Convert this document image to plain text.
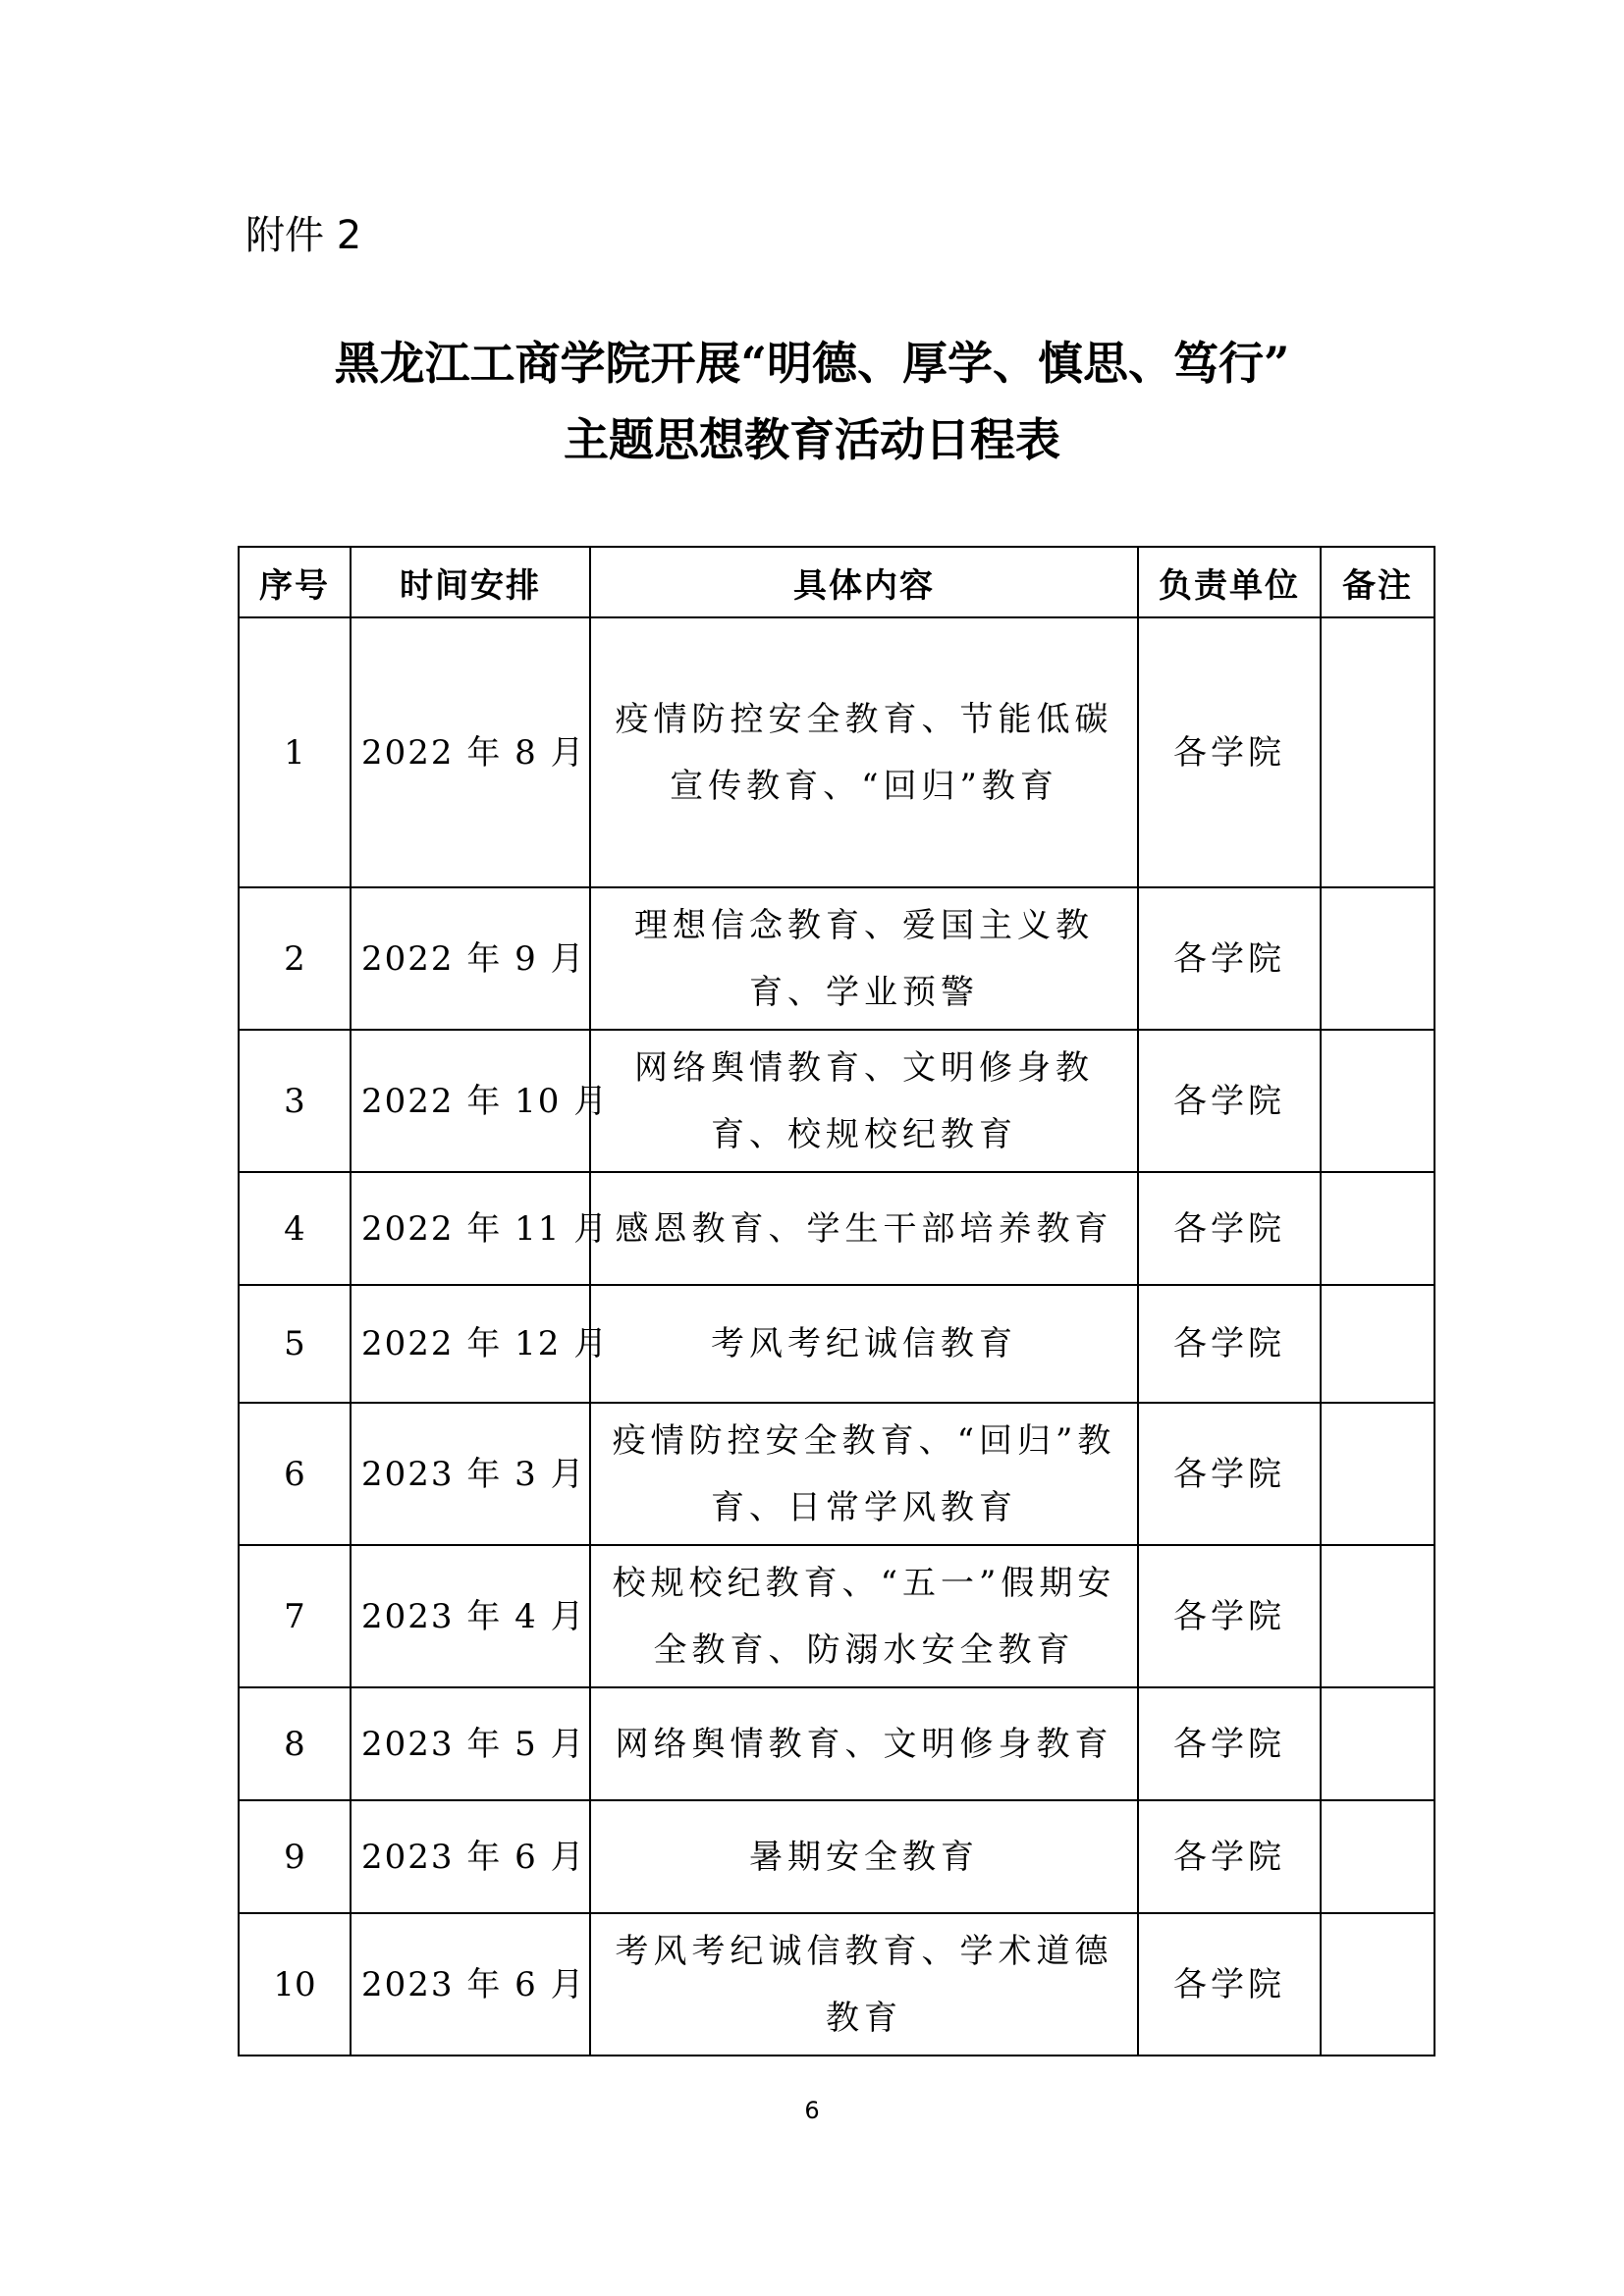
附件 2
黑龙江工商学院开展“明德、厚学、慎思、笃行”
主题思想教育活动日程表
序号	时间安排	具体内容	负责单位	备注
1	2022 年 8 月	疫情防控安全教育、节能低碳宣传教育、“回归”教育	各学院	
2	2022 年 9 月	理想信念教育、爱国主义教育、学业预警	各学院	
3	2022 年 10 月	网络舆情教育、文明修身教育、校规校纪教育	各学院	
4	2022 年 11 月	感恩教育、学生干部培养教育	各学院	
5	2022 年 12 月	考风考纪诚信教育	各学院	
6	2023 年 3 月	疫情防控安全教育、“回归”教育、日常学风教育	各学院	
7	2023 年 4 月	校规校纪教育、“五一”假期安全教育、防溺水安全教育	各学院	
8	2023 年 5 月	网络舆情教育、文明修身教育	各学院	
9	2023 年 6 月	暑期安全教育	各学院	
10	2023 年 6 月	考风考纪诚信教育、学术道德教育	各学院	
6
